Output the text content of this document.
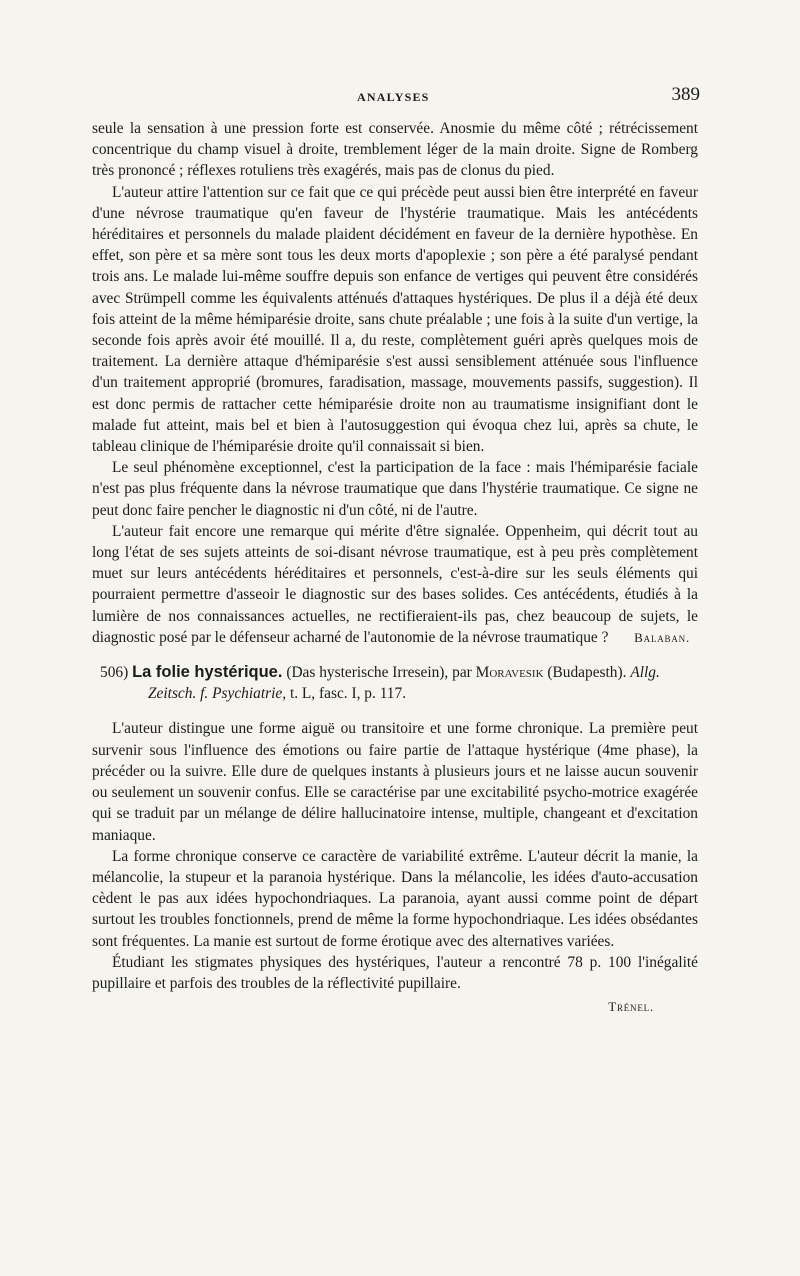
ANALYSES	389

seule la sensation à une pression forte est conservée. Anosmie du même côté ; rétrécissement concentrique du champ visuel à droite, tremblement léger de la main droite. Signe de Romberg très prononcé ; réflexes rotuliens très exagérés, mais pas de clonus du pied.

L'auteur attire l'attention sur ce fait que ce qui précède peut aussi bien être interprété en faveur d'une névrose traumatique qu'en faveur de l'hystérie traumatique. Mais les antécédents héréditaires et personnels du malade plaident décidément en faveur de la dernière hypothèse. En effet, son père et sa mère sont tous les deux morts d'apoplexie ; son père a été paralysé pendant trois ans. Le malade lui-même souffre depuis son enfance de vertiges qui peuvent être considérés avec Strümpell comme les équivalents atténués d'attaques hystériques. De plus il a déjà été deux fois atteint de la même hémiparésie droite, sans chute préalable ; une fois à la suite d'un vertige, la seconde fois après avoir été mouillé. Il a, du reste, complètement guéri après quelques mois de traitement. La dernière attaque d'hémiparésie s'est aussi sensiblement atténuée sous l'influence d'un traitement approprié (bromures, faradisation, massage, mouvements passifs, suggestion). Il est donc permis de rattacher cette hémiparésie droite non au traumatisme insignifiant dont le malade fut atteint, mais bel et bien à l'autosuggestion qui évoqua chez lui, après sa chute, le tableau clinique de l'hémiparésie droite qu'il connaissait si bien.

Le seul phénomène exceptionnel, c'est la participation de la face : mais l'hémiparésie faciale n'est pas plus fréquente dans la névrose traumatique que dans l'hystérie traumatique. Ce signe ne peut donc faire pencher le diagnostic ni d'un côté, ni de l'autre.

L'auteur fait encore une remarque qui mérite d'être signalée. Oppenheim, qui décrit tout au long l'état de ses sujets atteints de soi-disant névrose traumatique, est à peu près complètement muet sur leurs antécédents héréditaires et personnels, c'est-à-dire sur les seuls éléments qui pourraient permettre d'asseoir le diagnostic sur des bases solides. Ces antécédents, étudiés à la lumière de nos connaissances actuelles, ne rectifieraient-ils pas, chez beaucoup de sujets, le diagnostic posé par le défenseur acharné de l'autonomie de la névrose traumatique ?	Balaban.

506) La folie hystérique. (Das hysterische Irresein), par Moravesik (Budapesth). Allg. Zeitsch. f. Psychiatrie, t. L, fasc. I, p. 117.

L'auteur distingue une forme aiguë ou transitoire et une forme chronique. La première peut survenir sous l'influence des émotions ou faire partie de l'attaque hystérique (4me phase), la précéder ou la suivre. Elle dure de quelques instants à plusieurs jours et ne laisse aucun souvenir ou seulement un souvenir confus. Elle se caractérise par une excitabilité psycho-motrice exagérée qui se traduit par un mélange de délire hallucinatoire intense, multiple, changeant et d'excitation maniaque.

La forme chronique conserve ce caractère de variabilité extrême. L'auteur décrit la manie, la mélancolie, la stupeur et la paranoia hystérique. Dans la mélancolie, les idées d'auto-accusation cèdent le pas aux idées hypochondriaques. La paranoia, ayant aussi comme point de départ surtout les troubles fonctionnels, prend de même la forme hypochondriaque. Les idées obsédantes sont fréquentes. La manie est surtout de forme érotique avec des alternatives variées.

Étudiant les stigmates physiques des hystériques, l'auteur a rencontré 78 p. 100 l'inégalité pupillaire et parfois des troubles de la réflectivité pupillaire.

Trénel.
